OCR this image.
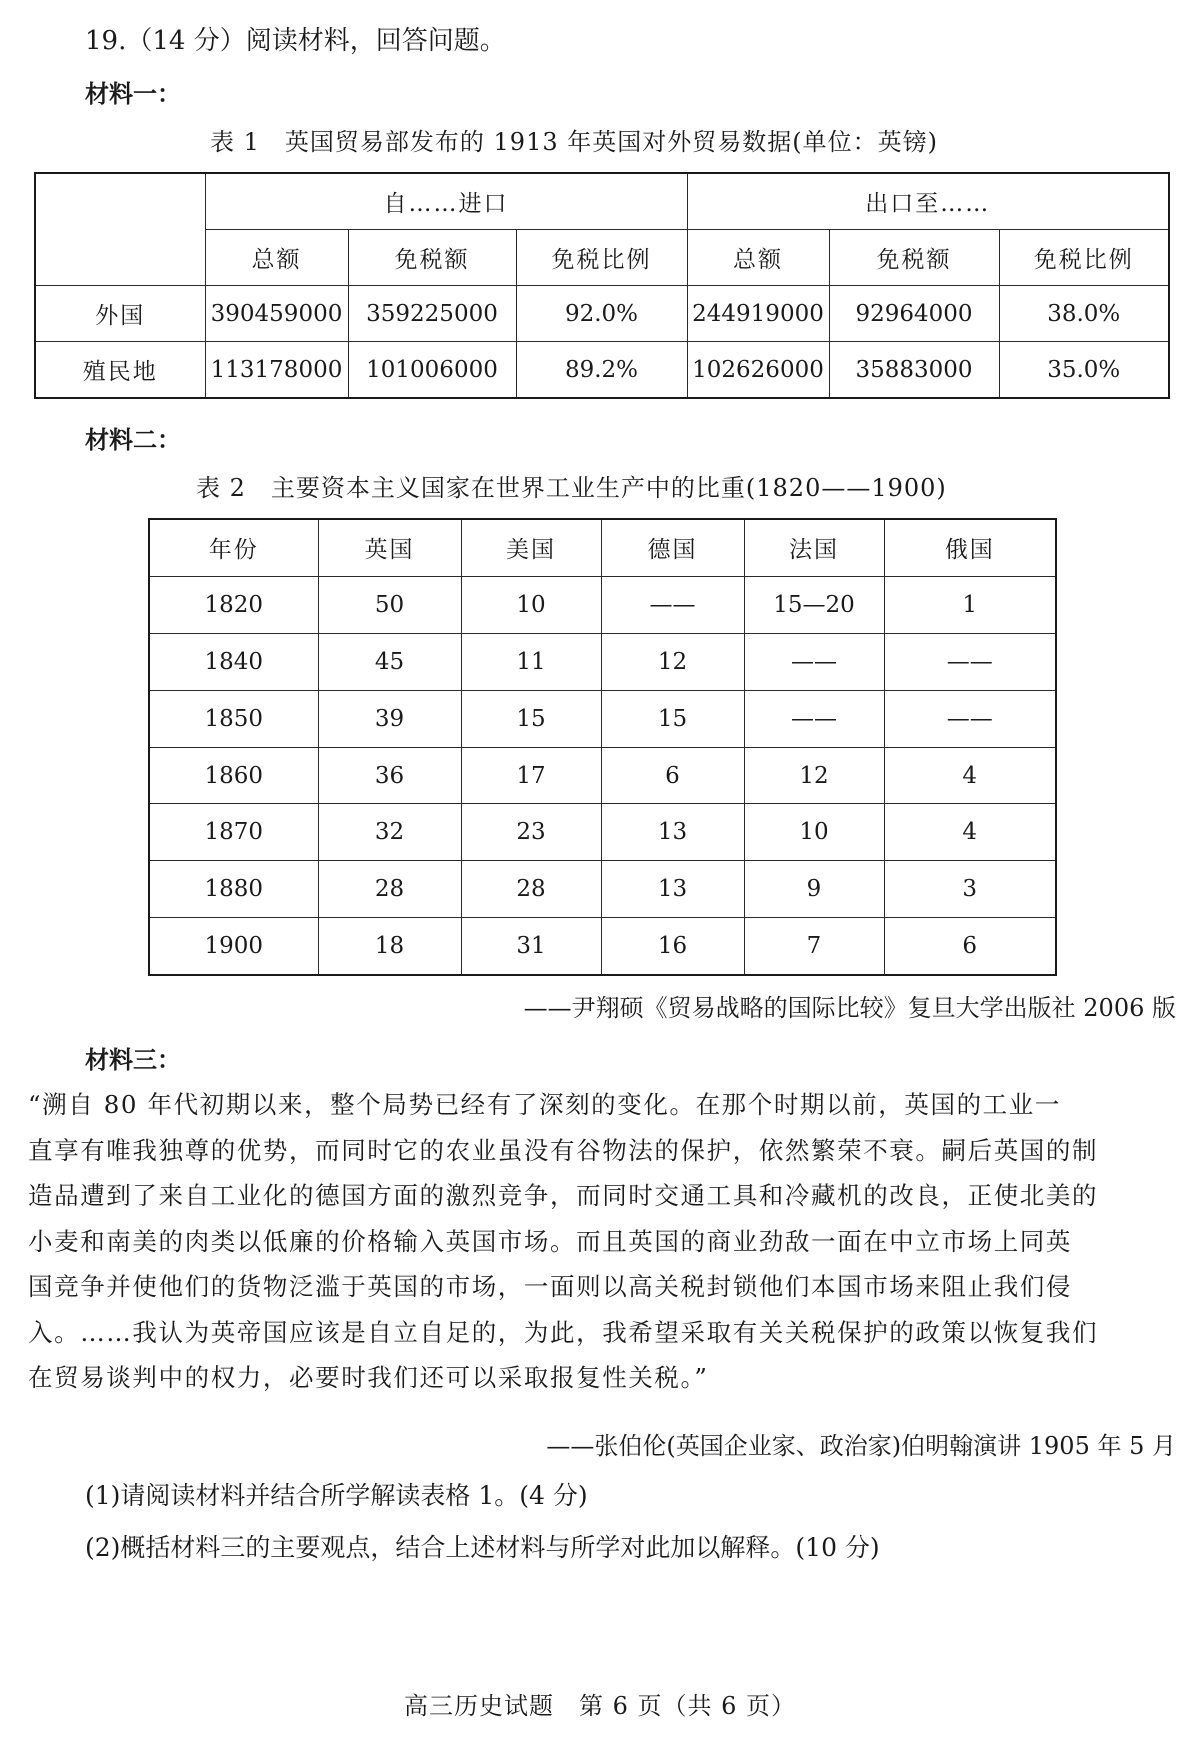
19.（14 分）阅读材料，回答问题。

材料一：

表 1　英国贸易部发布的 1913 年英国对外贸易数据(单位：英镑)

	自……进口			出口至……		
	总额	免税额	免税比例	总额	免税额	免税比例
外国	390459000	359225000	92.0%	244919000	92964000	38.0%
殖民地	113178000	101006000	89.2%	102626000	35883000	35.0%

材料二：

表 2　主要资本主义国家在世界工业生产中的比重(1820——1900)

年份	英国	美国	德国	法国	俄国
1820	50	10	——	15—20	1
1840	45	11	12	——	——
1850	39	15	15	——	——
1860	36	17	6	12	4
1870	32	23	13	10	4
1880	28	28	13	9	3
1900	18	31	16	7	6

——尹翔硕《贸易战略的国际比较》复旦大学出版社 2006 版

材料三：

“溯自 80 年代初期以来，整个局势已经有了深刻的变化。在那个时期以前，英国的工业一
直享有唯我独尊的优势，而同时它的农业虽没有谷物法的保护，依然繁荣不衰。嗣后英国的制
造品遭到了来自工业化的德国方面的激烈竞争，而同时交通工具和冷藏机的改良，正使北美的
小麦和南美的肉类以低廉的价格输入英国市场。而且英国的商业劲敌一面在中立市场上同英
国竞争并使他们的货物泛滥于英国的市场，一面则以高关税封锁他们本国市场来阻止我们侵
入。……我认为英帝国应该是自立自足的，为此，我希望采取有关关税保护的政策以恢复我们
在贸易谈判中的权力，必要时我们还可以采取报复性关税。”

——张伯伦(英国企业家、政治家)伯明翰演讲 1905 年 5 月

(1)请阅读材料并结合所学解读表格 1。(4 分)

(2)概括材料三的主要观点，结合上述材料与所学对此加以解释。(10 分)

高三历史试题　第 6 页（共 6 页）
